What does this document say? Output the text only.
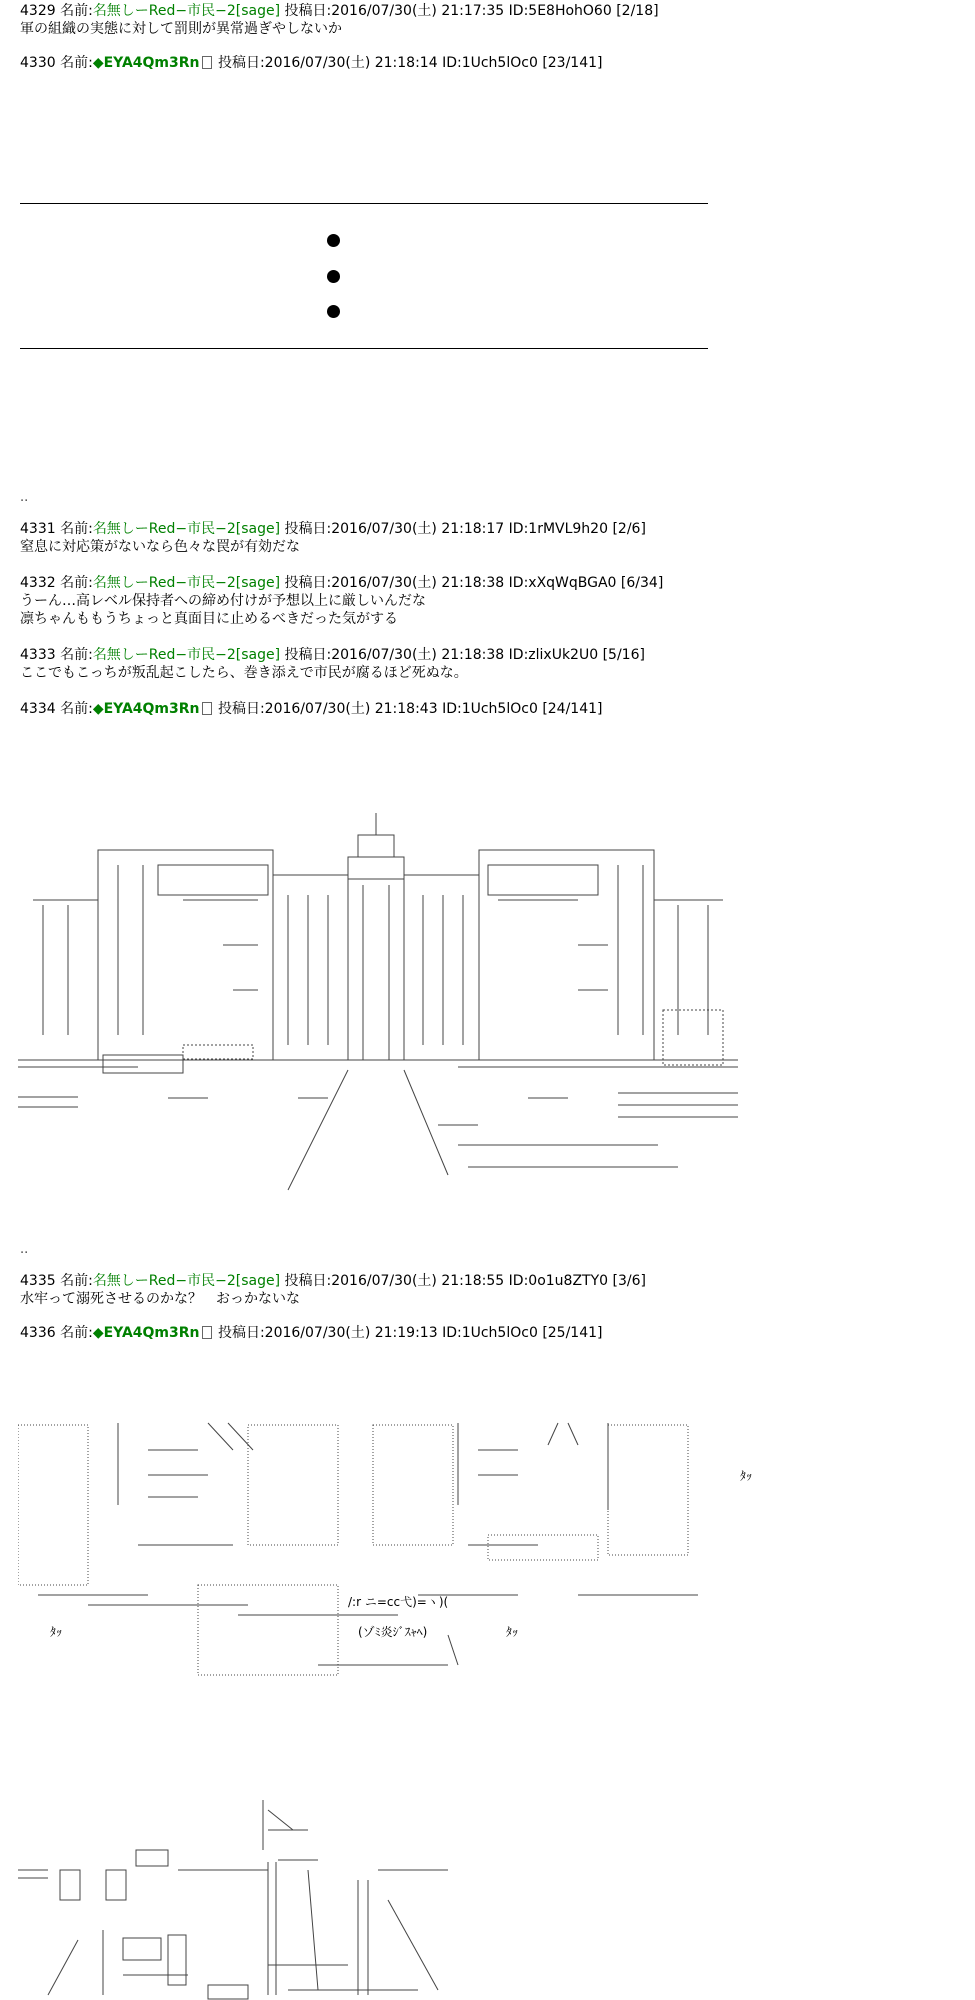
4329 名前:名無しーRed−市民−2[sage] 投稿日:2016/07/30(土) 21:17:35 ID:5E8HohO60 [2/18]
軍の組織の実態に対して罰則が異常過ぎやしないか
4330 名前:◆EYA4Qm3Rn 投稿日:2016/07/30(土) 21:18:14 ID:1Uch5lOc0 [23/141]
..
4331 名前:名無しーRed−市民−2[sage] 投稿日:2016/07/30(土) 21:18:17 ID:1rMVL9h20 [2/6]
窒息に対応策がないなら色々な罠が有効だな
4332 名前:名無しーRed−市民−2[sage] 投稿日:2016/07/30(土) 21:18:38 ID:xXqWqBGA0 [6/34]
うーん…高レベル保持者への締め付けが予想以上に厳しいんだな
凛ちゃんももうちょっと真面目に止めるべきだった気がする
4333 名前:名無しーRed−市民−2[sage] 投稿日:2016/07/30(土) 21:18:38 ID:zlixUk2U0 [5/16]
ここでもこっちが叛乱起こしたら、巻き添えで市民が腐るほど死ぬな。
4334 名前:◆EYA4Qm3Rn 投稿日:2016/07/30(土) 21:18:43 ID:1Uch5lOc0 [24/141]
..
4335 名前:名無しーRed−市民−2[sage] 投稿日:2016/07/30(土) 21:18:55 ID:0o1u8ZTY0 [3/6]
水牢って溺死させるのかな？　おっかないな
4336 名前:◆EYA4Qm3Rn 投稿日:2016/07/30(土) 21:19:13 ID:1Uch5lOc0 [25/141]
/:r ニ=cc弋)=ヽ)(
(ゾﾐ炎ｼﾞｽｬﾍ)
ﾀｯ
ﾀｯ	ﾀｯ
